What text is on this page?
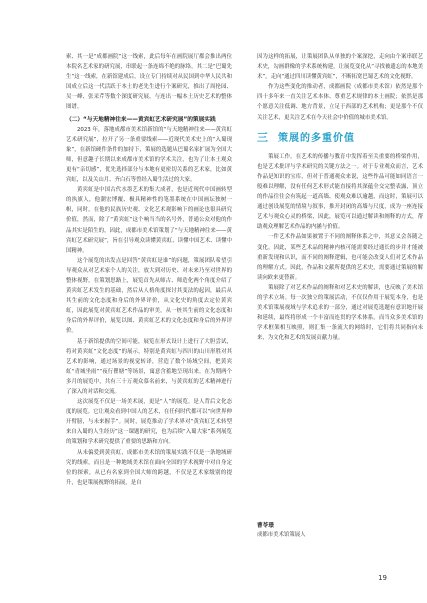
索、其一是“成都画院”这一线索，此后每年在画院展厅都会推出两位本院名艺术家的研究展，串联起一条连绵不绝的脉络，其二是“巴蜀先生”这一线索，在新馆建成后，设立专门持续对从民国到中华人民共和国成立后这一代活跃于本土的老先生进行个案研究，推出了周抡园、吴一峰、张采芹等数个深度研究展，与连出一幅本土历史艺术的整体图谱。

（二）“与天地精神往来——黄宾虹艺术研究展”的策展实践

2023 年，落地成都市美术馆新馆的“与天地精神往来——黄宾虹艺术研究展”，拉开了另一条重要线索——近现代美术史上的“入蜀现象”，在新馆硬件条件的加持下，策展的选题从巴蜀名家扩展为全国大师，但意趣子长期以来成都市美术馆的学术关注，也为了让本土观众更有“亲切感”，优先选择部分与本地有更密切关系的艺术家，比如黄宾虹，以及关山月、齐白石等曾经入蜀生活过的大家。

黄宾虹是中国古代水墨艺术的集大成者，也是近现代中国画转型的执旗人，他潮宏博覆、极具精神性的笔墨系统在中国画坛独树一帜，同时，在他的民族历史观、文化艺术观影响下的画论也很具研究价值，然而，除了“黄宾虹”这个响当当的名号外，普通公众对他的作品其实是陌生的，因此，成都市美术馆策划了“与天地精神往来——黄宾虹艺术研究展”，旨在引导观众读懂黄宾虹、读懂中国艺术、读懂中国精神。

这个展览的出发点是回答“黄宾虹是谁”的问题，策展团队希望引导观众从对艺术家个人的关注，放大到对历史、对未来乃至对世界的整体视野，在策划思路上，展览首先从师古、师造化两个角度介绍了黄宾虹艺术发生的基础，然后从人格角度探讨其变法的起因，最后从其生前的文化态度和身后的外界评价，从文化史的角度去定位黄宾虹，因此展览对黄宾虹艺术作品的审美，从一桩其生前的文化态度和身后的外界评价，展览以图、黄宾虹艺术的文化态度和身后的外界评价。

基于新馆提供的空间可能，展览在形式设计上进行了大胆尝试，将对黄宾虹“文化态度”的展示，特别是黄宾虹与四川的山川形胜对其艺术的影响，通过场景的视觉转译，营造了数个场域空间，把黄宾虹“青城坐雨”“夜行瞿塘”等场景，寓意含蓄地呈现出来。在为期两个多月的展览中，共有三十万观众慕名前来，与黄宾虹的艺术精神进行了深入的对话和交流。

这次展览不仅是一场美术展，更是“人”的展览。是人背后文化态度的展览。它让观众看到中国人的艺术，在任何时代都可以“向世界伸开臂膀，与未来握手”。同时，展览推动了学术界对“黄宾虹艺术转型来自入蜀的人生经历”这一课题的研究，也为后续“入蜀大家”系列展览的策划和学术研究提供了重要的思路和方向。

从未偏爱到黄宾虹，成都市美术馆的策展实践不仅是一条地域研究的线索，而且是一种地域美术馆在面向全国的学术视野中对自身定位的探索，从已有名家到全国大师的跨越，不仅是艺术家级别的提升，也是策展视野的拓展，是自

因为这样的拓展，让策展团队从单独的个案深挖，走向由个案串联艺术史，勾画群像的学术系统构建，让展览变化从“寻找被遗忘的本地美术”，走向“通过四川读懂黄宾虹”，不断拓宽巴蜀艺术的文化视野。

作为这些变化的推动者，成都画院（成都市美术馆）依然是那个四十多年来一直关注艺术本体、尊重艺术规律的本土画院；依然是那个愿意关注低调、地方背景，立足于西部的艺术机构；更是那个不仅关注艺术，更关注艺术在今天社会中价值的城市美术馆。

三 策展的多重价值

策展工作，在艺术的传播与教育中发挥着至关重要的桥梁作用，也是艺术批评与学术研究的关键方法之一。对于专业观众而言，艺术作品是知识的宝库，但对于普通观众来说，这些作品可能如同语言一般难以理解，没有任何艺术形式能直接将其深蕴全交完整表露，顶立的作品往往会有筑起一道高墙、使观众难以逾越，而这时，策展可以通过创设展览的情境与叙事，推开封闭的高墙与尺度，成为一座连接艺术与观众心灵的桥梁，因此，展览可以通过解读和阐释的方式，帮助观众理解艺术作品的内涵与价值。

一件艺术作品如果被置于不同的阐释体系之中，其意义会各随之变化。因此，某些艺术品的精神内核可能需要经过通长的步并才能被重新发现和认识，而不同的阐释逻辑，也可能会改变人们对艺术作品的理解方式。因此，作品和文献所提供的艺术史，需要通过策展的解读向欧来更替新。

策展除了对艺术作品的阐释和对艺术史的解读，也反映了美术馆的学术立场。每一次独立的策展活动，不仅仅作用于展览本身，也是美术馆策展视域与学术追求的一部分，通过对展览选题有意识地开展和延续，最终将形成一个丰富而连贯的学术体系，而当众多美术馆的学术框架相互映照，则汇集一条流大的网络时，它们将共同指向未来，为文化和艺术的发展贡献力量。

曹苓璟

成都市美术馆策展人

19
